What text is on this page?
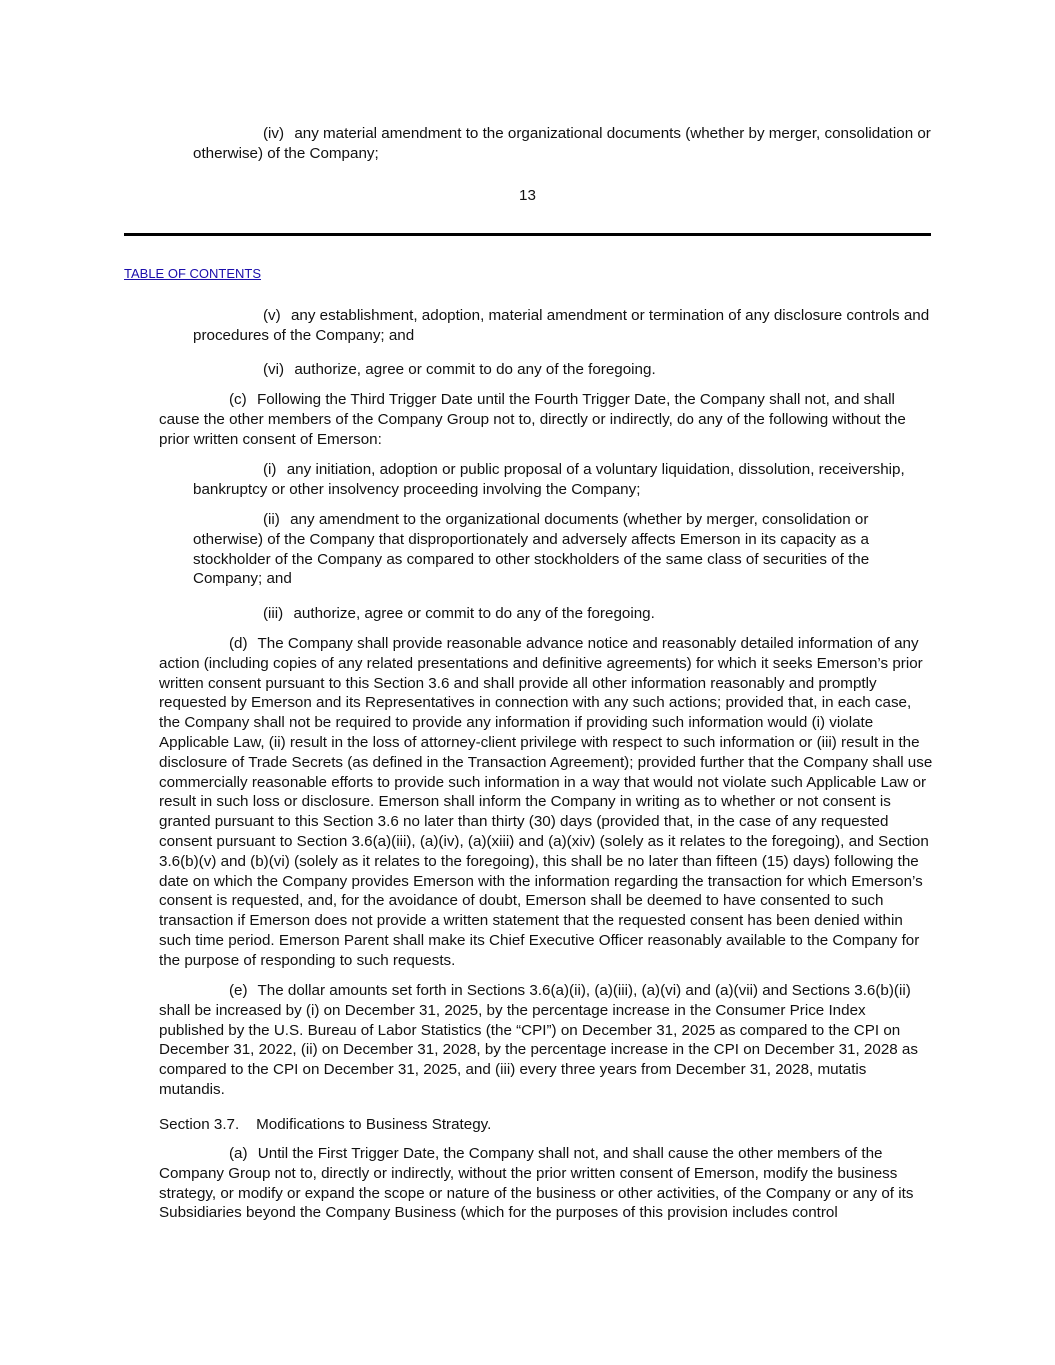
(iv) any material amendment to the organizational documents (whether by merger, consolidation or otherwise) of the Company;

13
TABLE OF CONTENTS

(v) any establishment, adoption, material amendment or termination of any disclosure controls and procedures of the Company; and

(vi) authorize, agree or commit to do any of the foregoing.

(c) Following the Third Trigger Date until the Fourth Trigger Date, the Company shall not, and shall cause the other members of the Company Group not to, directly or indirectly, do any of the following without the prior written consent of Emerson:

(i) any initiation, adoption or public proposal of a voluntary liquidation, dissolution, receivership, bankruptcy or other insolvency proceeding involving the Company;

(ii) any amendment to the organizational documents (whether by merger, consolidation or otherwise) of the Company that disproportionately and adversely affects Emerson in its capacity as a stockholder of the Company as compared to other stockholders of the same class of securities of the Company; and

(iii) authorize, agree or commit to do any of the foregoing.

(d) The Company shall provide reasonable advance notice and reasonably detailed information of any action (including copies of any related presentations and definitive agreements) for which it seeks Emerson’s prior written consent pursuant to this Section 3.6 and shall provide all other information reasonably and promptly requested by Emerson and its Representatives in connection with any such actions; provided that, in each case, the Company shall not be required to provide any information if providing such information would (i) violate Applicable Law, (ii) result in the loss of attorney-client privilege with respect to such information or (iii) result in the disclosure of Trade Secrets (as defined in the Transaction Agreement); provided further that the Company shall use commercially reasonable efforts to provide such information in a way that would not violate such Applicable Law or result in such loss or disclosure. Emerson shall inform the Company in writing as to whether or not consent is granted pursuant to this Section 3.6 no later than thirty (30) days (provided that, in the case of any requested consent pursuant to Section 3.6(a)(iii), (a)(iv), (a)(xiii) and (a)(xiv) (solely as it relates to the foregoing), and Section 3.6(b)(v) and (b)(vi) (solely as it relates to the foregoing), this shall be no later than fifteen (15) days) following the date on which the Company provides Emerson with the information regarding the transaction for which Emerson’s consent is requested, and, for the avoidance of doubt, Emerson shall be deemed to have consented to such transaction if Emerson does not provide a written statement that the requested consent has been denied within such time period. Emerson Parent shall make its Chief Executive Officer reasonably available to the Company for the purpose of responding to such requests.

(e) The dollar amounts set forth in Sections 3.6(a)(ii), (a)(iii), (a)(vi) and (a)(vii) and Sections 3.6(b)(ii) shall be increased by (i) on December 31, 2025, by the percentage increase in the Consumer Price Index published by the U.S. Bureau of Labor Statistics (the “CPI”) on December 31, 2025 as compared to the CPI on December 31, 2022, (ii) on December 31, 2028, by the percentage increase in the CPI on December 31, 2028 as compared to the CPI on December 31, 2025, and (iii) every three years from December 31, 2028, mutatis mutandis.

Section 3.7. Modifications to Business Strategy.

(a) Until the First Trigger Date, the Company shall not, and shall cause the other members of the Company Group not to, directly or indirectly, without the prior written consent of Emerson, modify the business strategy, or modify or expand the scope or nature of the business or other activities, of the Company or any of its Subsidiaries beyond the Company Business (which for the purposes of this provision includes control
